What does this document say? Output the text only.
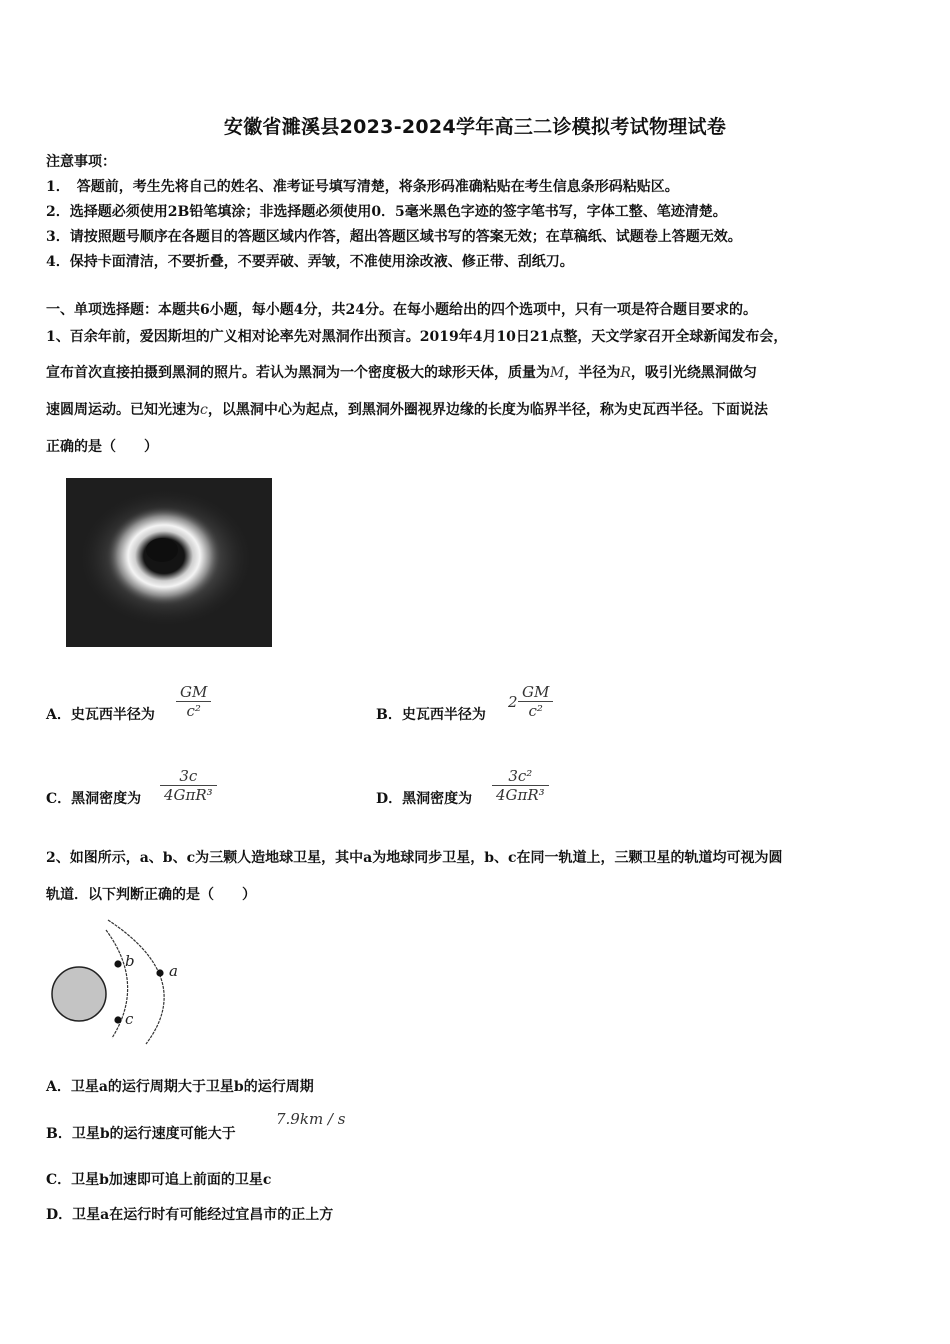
安徽省濉溪县2023-2024学年高三二诊模拟考试物理试卷
注意事项：
1．　答题前，考生先将自己的姓名、准考证号填写清楚，将条形码准确粘贴在考生信息条形码粘贴区。
2．选择题必须使用2B铅笔填涂；非选择题必须使用0．5毫米黑色字迹的签字笔书写，字体工整、笔迹清楚。
3．请按照题号顺序在各题目的答题区域内作答，超出答题区域书写的答案无效；在草稿纸、试题卷上答题无效。
4．保持卡面清洁，不要折叠，不要弄破、弄皱，不准使用涂改液、修正带、刮纸刀。
一、单项选择题：本题共6小题，每小题4分，共24分。在每小题给出的四个选项中，只有一项是符合题目要求的。
1、百余年前，爱因斯坦的广义相对论率先对黑洞作出预言。2019年4月10日21点整，天文学家召开全球新闻发布会，
宣布首次直接拍摄到黑洞的照片。若认为黑洞为一个密度极大的球形天体，质量为M，半径为R，吸引光绕黑洞做匀
速圆周运动。已知光速为c，以黑洞中心为起点，到黑洞外圈视界边缘的长度为临界半径，称为史瓦西半径。下面说法
正确的是（　　）
A．史瓦西半径为
GM
c²	B．史瓦西半径为
2
GM
c²
C．黑洞密度为
3c
4GπR³	D．黑洞密度为
3c²
4GπR³
2、如图所示，a、b、c为三颗人造地球卫星，其中a为地球同步卫星，b、c在同一轨道上，三颗卫星的轨道均可视为圆
轨道．以下判断正确的是（　　）
b
c
a
A．卫星a的运行周期大于卫星b的运行周期
B．卫星b的运行速度可能大于
7.9km / s
C．卫星b加速即可追上前面的卫星c
D．卫星a在运行时有可能经过宜昌市的正上方
